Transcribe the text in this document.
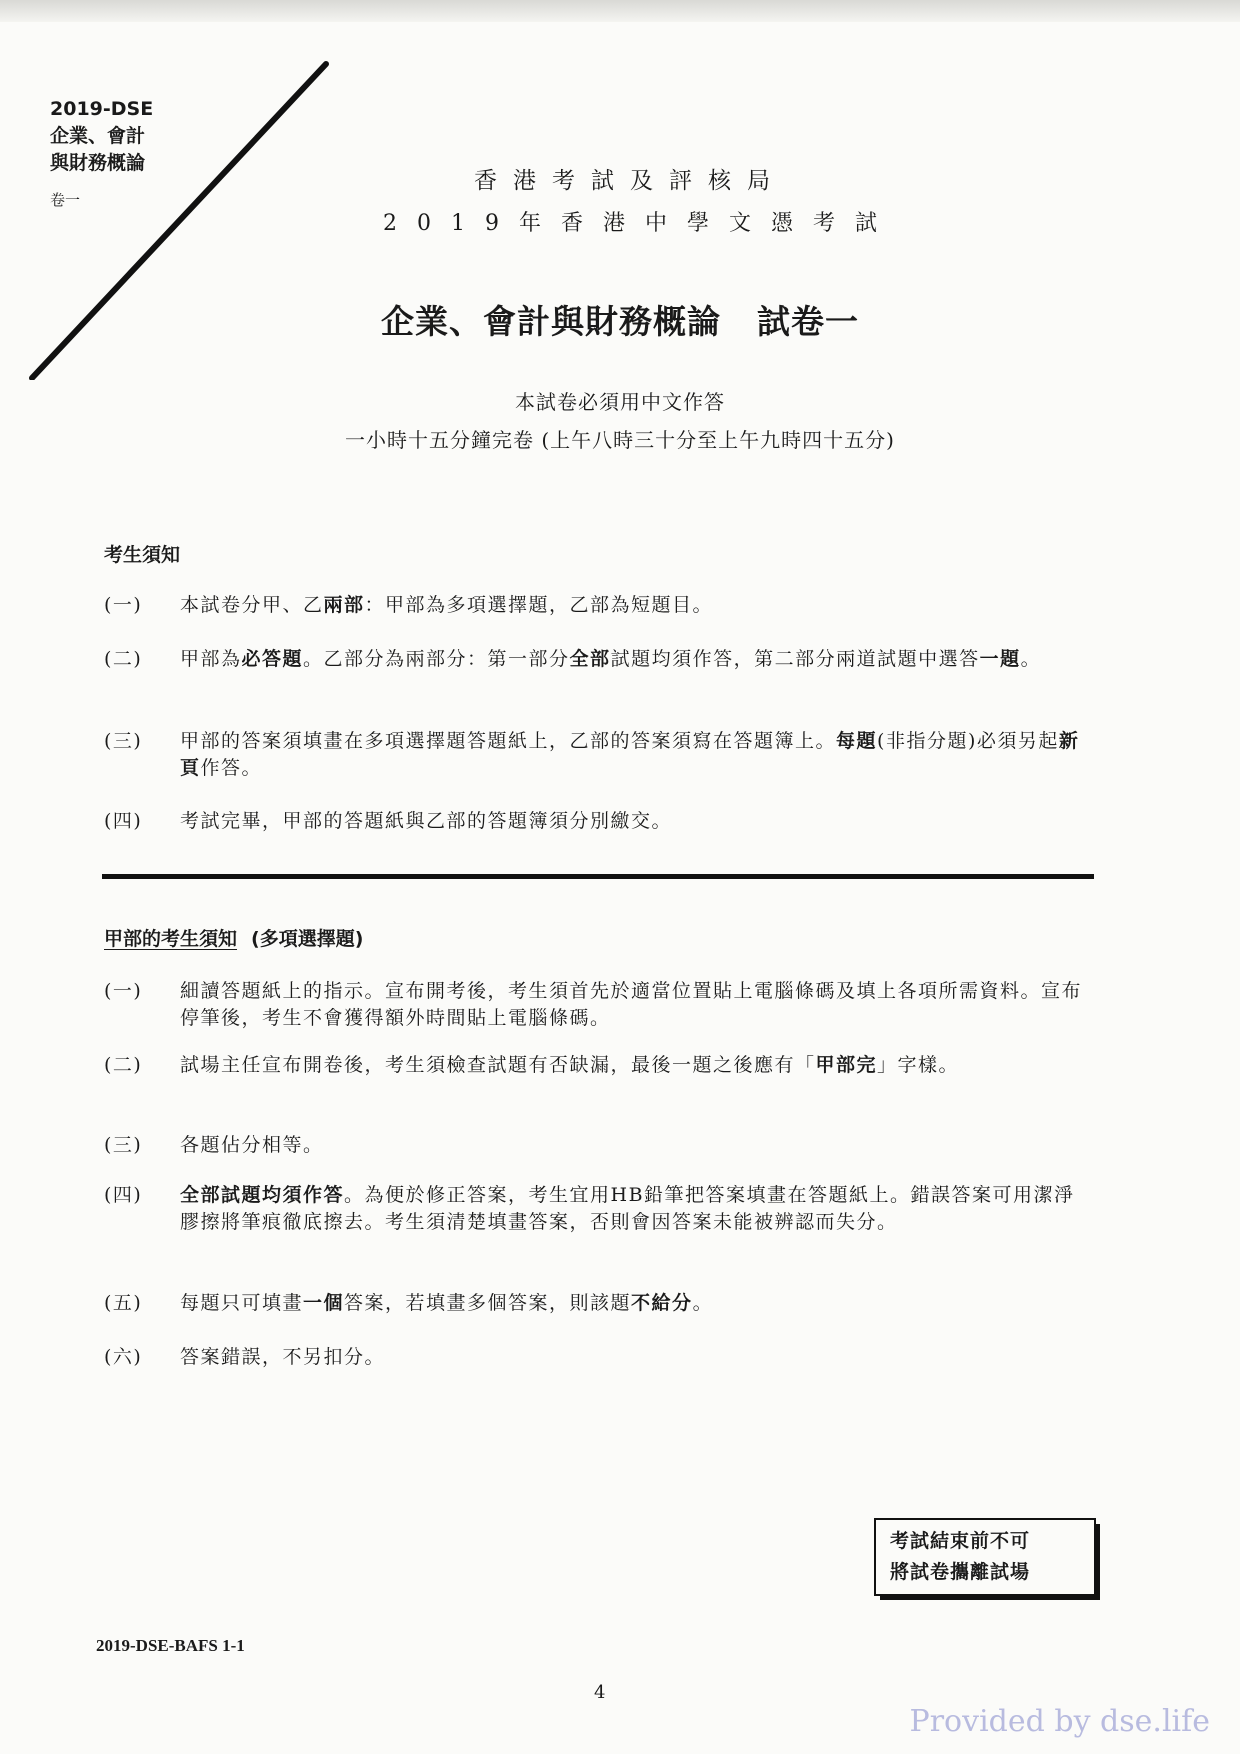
2019-DSE
企業、會計
與財務概論
卷一
香港考試及評核局
2019年香港中學文憑考試
企業、會計與財務概論 試卷一
本試卷必須用中文作答
一小時十五分鐘完卷 (上午八時三十分至上午九時四十五分)
考生須知
(一)	本試卷分甲、乙兩部：甲部為多項選擇題，乙部為短題目。
(二)	甲部為必答題。乙部分為兩部分：第一部分全部試題均須作答，第二部分兩道試題中選答一題。
(三)	甲部的答案須填畫在多項選擇題答題紙上，乙部的答案須寫在答題簿上。每題(非指分題)必須另起新頁作答。
(四)	考試完畢，甲部的答題紙與乙部的答題簿須分別繳交。
甲部的考生須知 (多項選擇題)
(一)	細讀答題紙上的指示。宣布開考後，考生須首先於適當位置貼上電腦條碼及填上各項所需資料。宣布停筆後，考生不會獲得額外時間貼上電腦條碼。
(二)	試場主任宣布開卷後，考生須檢查試題有否缺漏，最後一題之後應有「甲部完」字樣。
(三)	各題佔分相等。
(四)	全部試題均須作答。為便於修正答案，考生宜用HB鉛筆把答案填畫在答題紙上。錯誤答案可用潔淨膠擦將筆痕徹底擦去。考生須清楚填畫答案，否則會因答案未能被辨認而失分。
(五)	每題只可填畫一個答案，若填畫多個答案，則該題不給分。
(六)	答案錯誤，不另扣分。
考試結束前不可
將試卷攜離試場
2019-DSE-BAFS 1-1
4
Provided by dse.life
